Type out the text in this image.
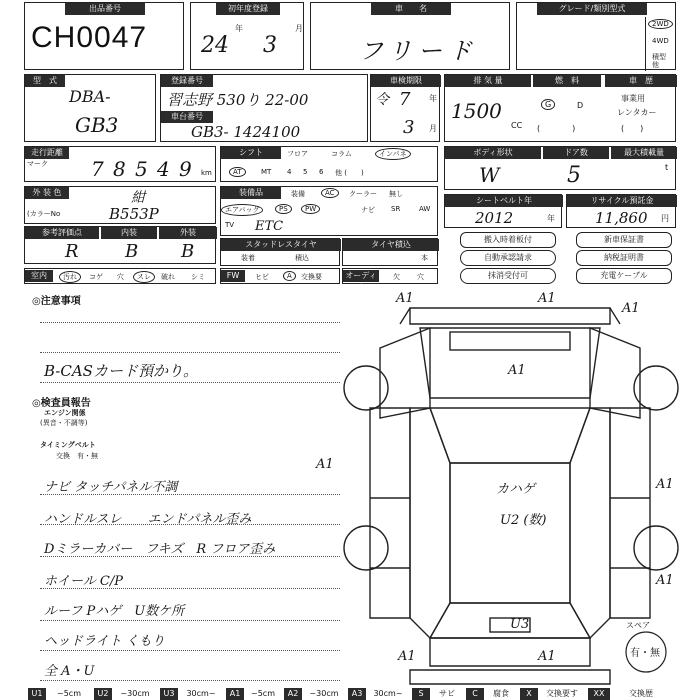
出品番号
CH0047
初年度登録
年	月
24 3
車　　名
フリード
グレード/類別型式
2WD
4WD
積型
他
型　式
DBA-
GB3
登録番号
習志野 530り 22-00
車台番号
GB3- 1424100
車検期限
令 7 年
3 月
排 気 量
1500
CC
燃　料
G	D
(　　　　)
車　歴
事業用
レンタカー
(　　)
走行距離
マーク 7 8 5 4 9 km
シフト	フロア	コラム	インパネ
AT	MT 4 5 6 他 (　　)
ボディ形状
W
ドア数
5
最大積載量
t
外 装 色	紺
(カラーNo	B553P
装備品	装備	AC	クーラー 無し
エアバッグ	PS	PW	ナビ SR	AW
TV ETC
シートベルト年
2012	年
リサイクル預託金
11,860 円
参考評価点
R
内装
B
外装
B	スタッドレスタイヤ
装着	積込
タイヤ積込
本
搬入時着板付
自動承認請求
抹消受付可
新車保証書
納税証明書
充電ケーブル
室内	汚れ	コゲ 穴	スレ	破れ シミ	FW	ヒビ	A	交換要	オーディオ
欠 穴
◎注意事項
B-CASカード預かり。
◎検査員報告
エンジン関係
(異音・不調等)
タイミングベルト
交換　有・無
ナビ タッチパネル不調
ハンドルスレ　　エンドパネル歪み
Dミラーカバー　フキズ　R フロア歪み
ホイール C/P
ルーフ Pハゲ　U数ケ所
ヘッドライト くもり
全 A・U
A1	A1
A1
A1
A1
A1
A1
A1	A1
カハゲ
U2 (数)
U3	スペア
有・無
U1	~5cm	U2	~30cm	U3	30cm~	A1	~5cm	A2	~30cm	A3	30cm~	S	サビ	C	腐食	X	交換要す	XX	交換歴
